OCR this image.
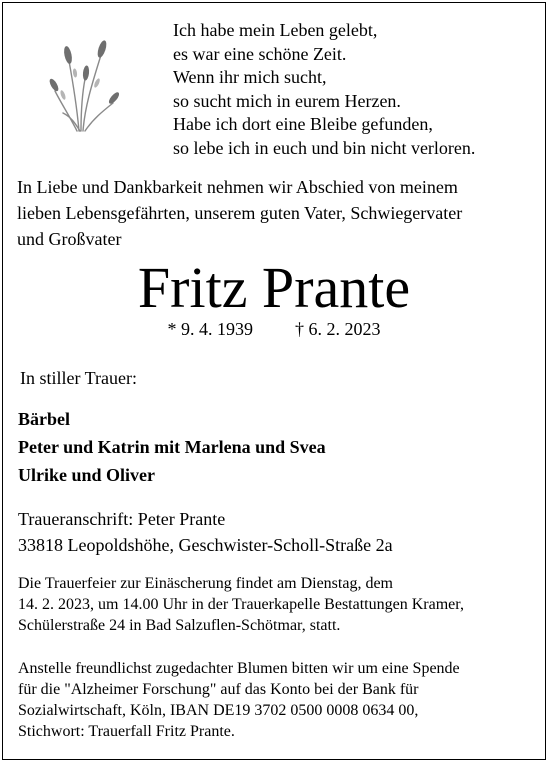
Ich habe mein Leben gelebt,
es war eine schöne Zeit.
Wenn ihr mich sucht,
so sucht mich in eurem Herzen.
Habe ich dort eine Bleibe gefunden,
so lebe ich in euch und bin nicht verloren.
In Liebe und Dankbarkeit nehmen wir Abschied von meinem
lieben Lebensgefährten, unserem guten Vater, Schwiegervater
und Großvater
Fritz Prante
* 9. 4. 1939 † 6. 2. 2023
In stiller Trauer:
Bärbel
Peter und Katrin mit Marlena und Svea
Ulrike und Oliver
Traueranschrift: Peter Prante
33818 Leopoldshöhe, Geschwister-Scholl-Straße 2a
Die Trauerfeier zur Einäscherung findet am Dienstag, dem
14. 2. 2023, um 14.00 Uhr in der Trauerkapelle Bestattungen Kramer,
Schülerstraße 24 in Bad Salzuflen-Schötmar, statt.
Anstelle freundlichst zugedachter Blumen bitten wir um eine Spende
für die "Alzheimer Forschung" auf das Konto bei der Bank für
Sozialwirtschaft, Köln, IBAN DE19 3702 0500 0008 0634 00,
Stichwort: Trauerfall Fritz Prante.
